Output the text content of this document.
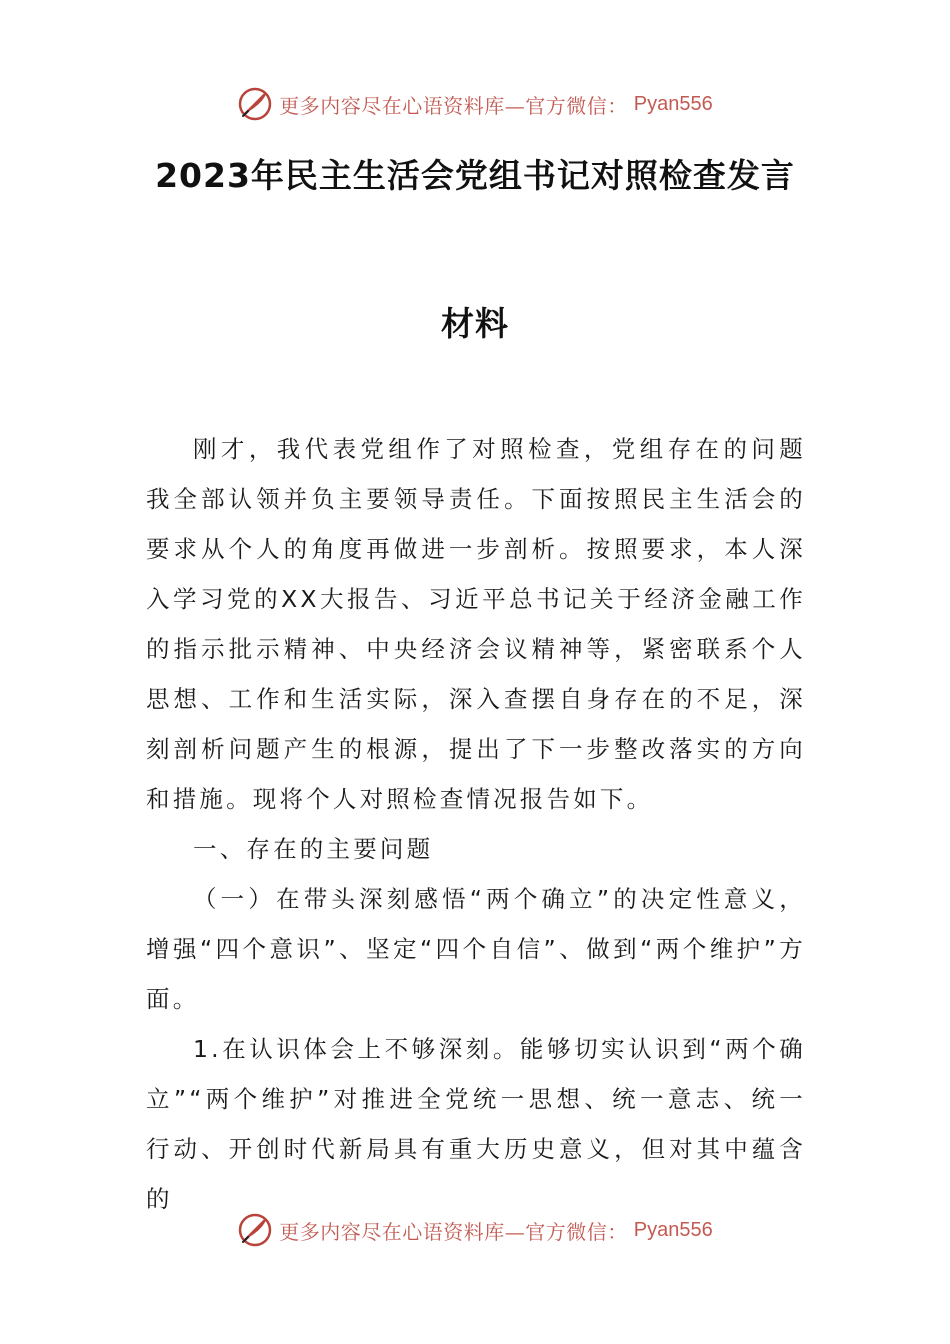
更多内容尽在心语资料库—官方微信： Pyan556
2023年民主生活会党组书记对照检查发言
材料

刚才，我代表党组作了对照检查，党组存在的问题我全部认领并负主要领导责任。下面按照民主生活会的要求从个人的角度再做进一步剖析。按照要求，本人深入学习党的XX大报告、习近平总书记关于经济金融工作的指示批示精神、中央经济会议精神等，紧密联系个人思想、工作和生活实际，深入查摆自身存在的不足，深刻剖析问题产生的根源，提出了下一步整改落实的方向和措施。现将个人对照检查情况报告如下。

一、存在的主要问题

（一）在带头深刻感悟“两个确立”的决定性意义，增强“四个意识”、坚定“四个自信”、做到“两个维护”方面。

1.在认识体会上不够深刻。能够切实认识到“两个确立”“两个维护”对推进全党统一思想、统一意志、统一行动、开创时代新局具有重大历史意义，但对其中蕴含的

更多内容尽在心语资料库—官方微信： Pyan556
